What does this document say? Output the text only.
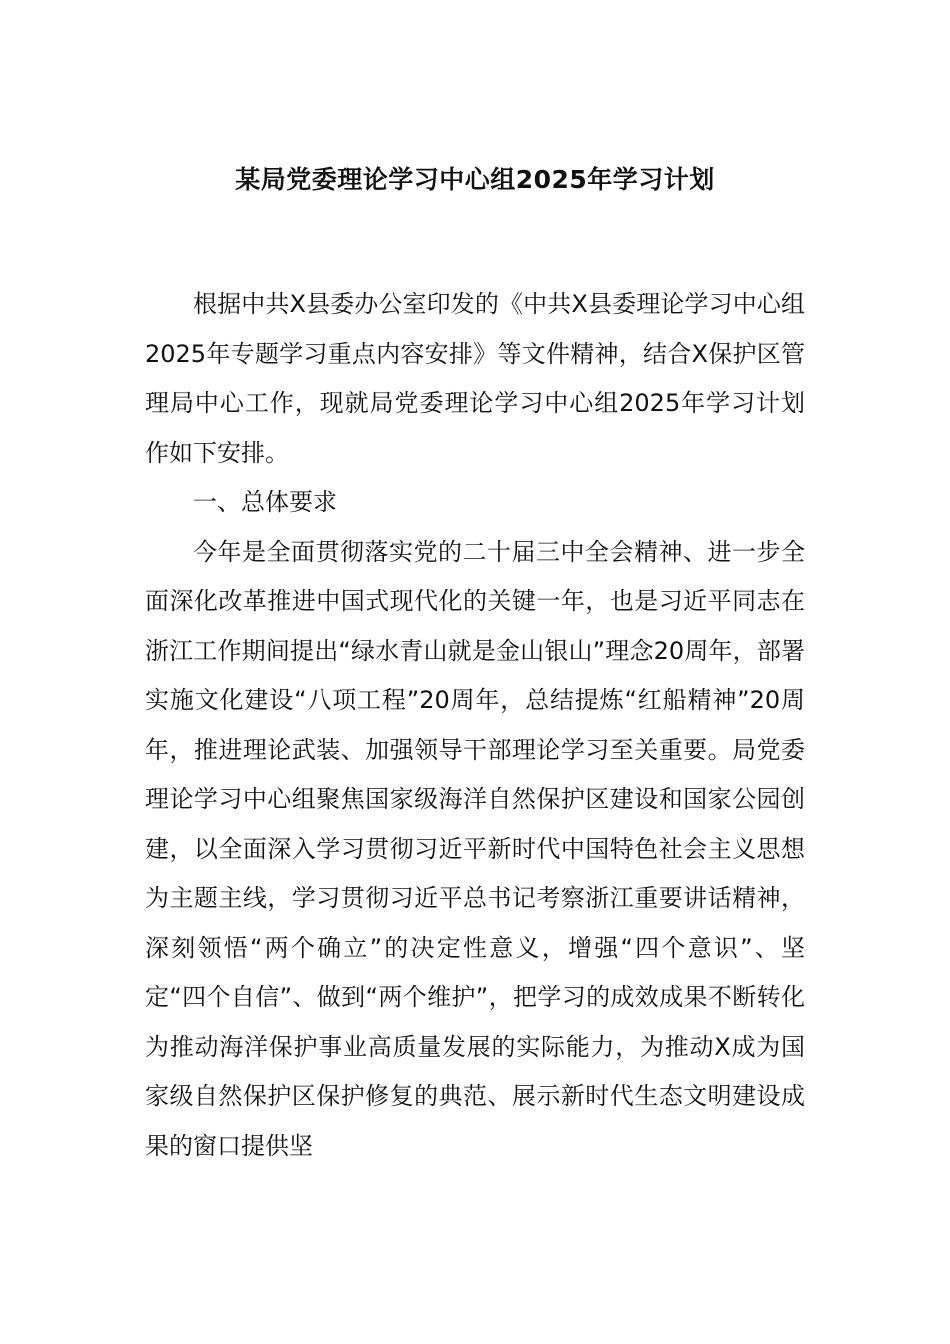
某局党委理论学习中心组2025年学习计划

根据中共X县委办公室印发的《中共X县委理论学习中心组2025年专题学习重点内容安排》等文件精神，结合X保护区管理局中心工作，现就局党委理论学习中心组2025年学习计划作如下安排。

一、总体要求

今年是全面贯彻落实党的二十届三中全会精神、进一步全面深化改革推进中国式现代化的关键一年，也是习近平同志在浙江工作期间提出“绿水青山就是金山银山”理念20周年，部署实施文化建设“八项工程”20周年，总结提炼“红船精神”20周年，推进理论武装、加强领导干部理论学习至关重要。局党委理论学习中心组聚焦国家级海洋自然保护区建设和国家公园创建，以全面深入学习贯彻习近平新时代中国特色社会主义思想为主题主线，学习贯彻习近平总书记考察浙江重要讲话精神，深刻领悟“两个确立”的决定性意义，增强“四个意识”、坚定“四个自信”、做到“两个维护”，把学习的成效成果不断转化为推动海洋保护事业高质量发展的实际能力，为推动X成为国家级自然保护区保护修复的典范、展示新时代生态文明建设成果的窗口提供坚
